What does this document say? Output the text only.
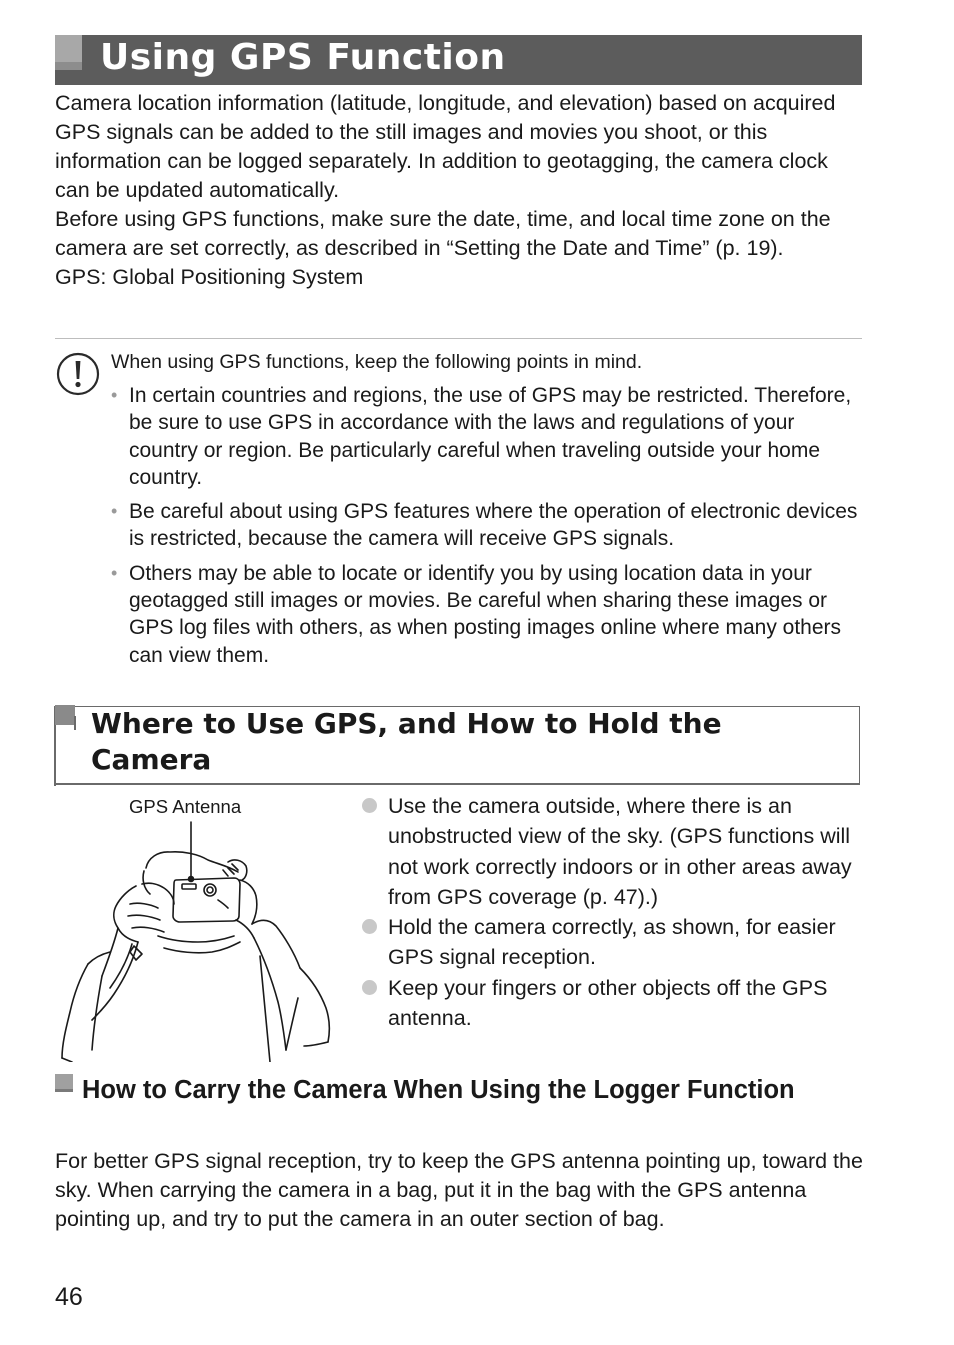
Using GPS Function

Camera location information (latitude, longitude, and elevation) based on acquired GPS signals can be added to the still images and movies you shoot, or this information can be logged separately. In addition to geotagging, the camera clock can be updated automatically.

Before using GPS functions, make sure the date, time, and local time zone on the camera are set correctly, as described in “Setting the Date and Time” (p. 19).

GPS: Global Positioning System

When using GPS functions, keep the following points in mind.
• In certain countries and regions, the use of GPS may be restricted. Therefore, be sure to use GPS in accordance with the laws and regulations of your country or region. Be particularly careful when traveling outside your home country.
• Be careful about using GPS features where the operation of electronic devices is restricted, because the camera will receive GPS signals.
• Others may be able to locate or identify you by using location data in your geotagged still images or movies. Be careful when sharing these images or GPS log files with others, as when posting images online where many others can view them.
Where to Use GPS, and How to Hold the Camera
GPS Antenna	Use the camera outside, where there is an unobstructed view of the sky. (GPS functions will not work correctly indoors or in other areas away from GPS coverage (p. 47).)
Hold the camera correctly, as shown, for easier GPS signal reception.
Keep your fingers or other objects off the GPS antenna.
How to Carry the Camera When Using the Logger Function

For better GPS signal reception, try to keep the GPS antenna pointing up, toward the sky. When carrying the camera in a bag, put it in the bag with the GPS antenna pointing up, and try to put the camera in an outer section of bag.

46
